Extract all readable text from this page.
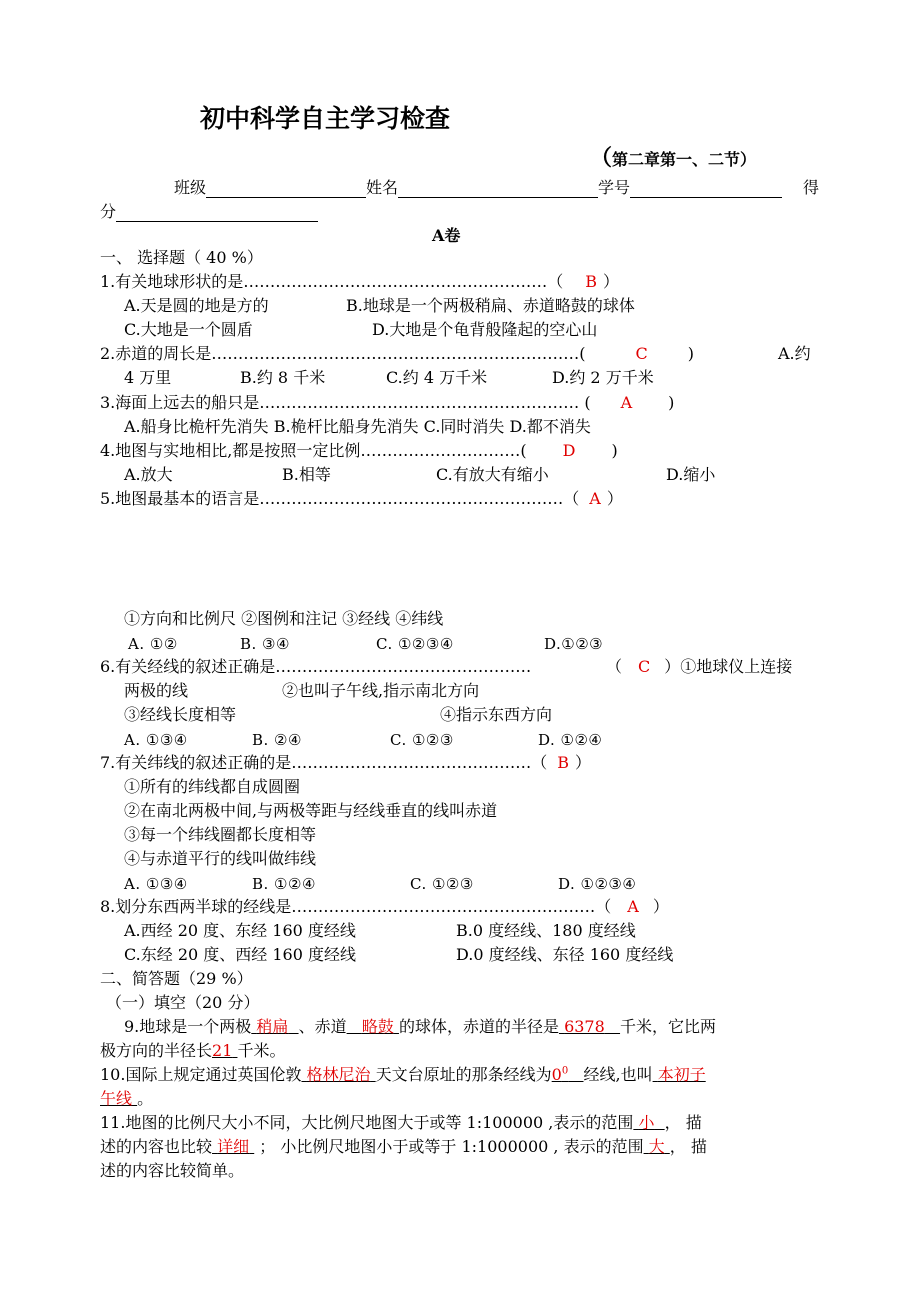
初中科学自主学习检查
（第二章第一、二节）
班级	姓名	学号	得
分
A卷
一、 选择题（ 40 %）
1.有关地球形状的是…………………………………………………（ B ）
A.天是圆的地是方的	B.地球是一个两极稍扁、赤道略鼓的球体
C.大地是一个圆盾	D.大地是个龟背般隆起的空心山
2.赤道的周长是……………………………………………………………(	C	)	A.约
4 万里	B.约 8 千米	C.约 4 万千米	D.约 2 万千米
3.海面上远去的船只是…………………………………………………… ( A )
A.船身比桅杆先消失 B.桅杆比船身先消失 C.同时消失 D.都不消失
4.地图与实地相比,都是按照一定比例…………………………( D )
A.放大	B.相等	C.有放大有缩小	D.缩小
5.地图最基本的语言是…………………………………………………（ A ）
①方向和比例尺 ②图例和注记 ③经线 ④纬线
A. ①②	B. ③④	C. ①②③④	D.①②③
6.有关经线的叙述正确是…………………………………………	（ C ）①地球仪上连接
两极的线	②也叫子午线,指示南北方向
③经线长度相等	④指示东西方向
A. ①③④	B. ②④	C. ①②③	D. ①②④
7.有关纬线的叙述正确的是………………………………………（ B ）
①所有的纬线都自成圆圈
②在南北两极中间,与两极等距与经线垂直的线叫赤道
③每一个纬线圈都长度相等
④与赤道平行的线叫做纬线
A. ①③④	B. ①②④	C. ①②③	D. ①②③④
8.划分东西两半球的经线是…………………………………………………（ A ）
A.西经 20 度、东经 160 度经线	B.0 度经线、180 度经线
C.东经 20 度、西经 160 度经线	D.0 度经线、东径 160 度经线
二、简答题（29 %）
（一）填空（20 分）
9.地球是一个两极 稍扁 、赤道 略鼓 的球体，赤道的半径是 6378 千米，它比两
极方向的半径长21 千米。
10.国际上规定通过英国伦敦 格林尼治 天文台原址的那条经线为$0^0$ 经线,也叫 本初子
午线 。
11.地图的比例尺大小不同，大比例尺地图大于或等 1:100000 ,表示的范围 小 ， 描
述的内容也比较 详细  ； 小比例尺地图小于或等于 1:1000000 , 表示的范围 大 ， 描
述的内容比较简单。
